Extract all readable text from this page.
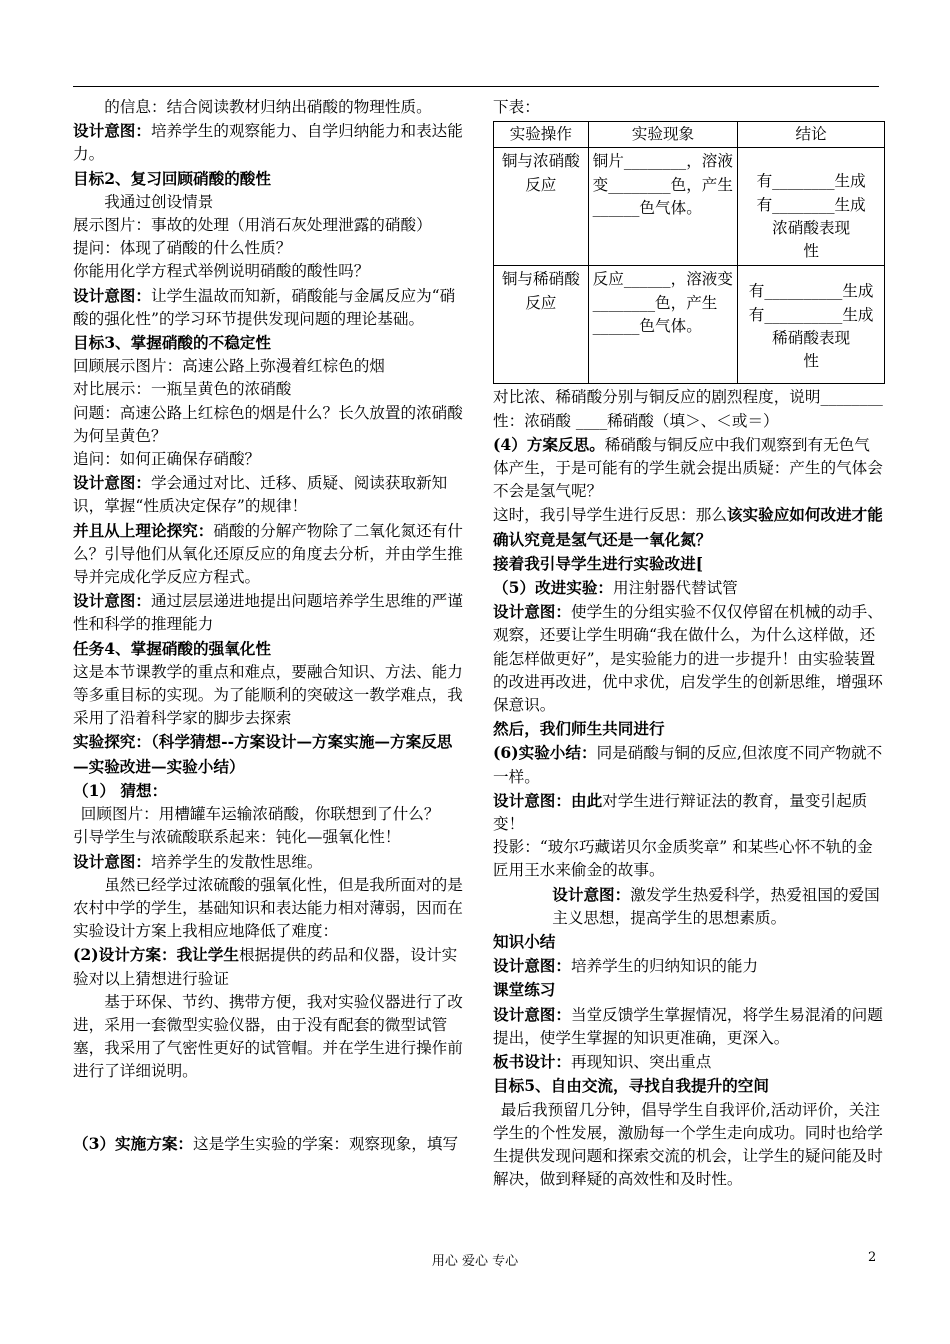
的信息：结合阅读教材归纳出硝酸的物理性质。

设计意图：培养学生的观察能力、自学归纳能力和表达能力。

目标2、复习回顾硝酸的酸性

我通过创设情景

展示图片：事故的处理（用消石灰处理泄露的硝酸）

提问：体现了硝酸的什么性质？

你能用化学方程式举例说明硝酸的酸性吗？

设计意图：让学生温故而知新，硝酸能与金属反应为“硝酸的强化性”的学习环节提供发现问题的理论基础。

目标3、掌握硝酸的不稳定性

回顾展示图片：高速公路上弥漫着红棕色的烟

对比展示：一瓶呈黄色的浓硝酸

问题：高速公路上红棕色的烟是什么？长久放置的浓硝酸为何呈黄色？

追问：如何正确保存硝酸？

设计意图：学会通过对比、迁移、质疑、阅读获取新知识，掌握“性质决定保存”的规律！

并且从上理论探究：硝酸的分解产物除了二氧化氮还有什么？引导他们从氧化还原反应的角度去分析，并由学生推导并完成化学反应方程式。

设计意图：通过层层递进地提出问题培养学生思维的严谨性和科学的推理能力

任务4、掌握硝酸的强氧化性

这是本节课教学的重点和难点，要融合知识、方法、能力等多重目标的实现。为了能顺利的突破这一教学难点，我采用了沿着科学家的脚步去探索

实验探究：（科学猜想--方案设计—方案实施—方案反思—实验改进—实验小结）

（1） 猜想：

回顾图片：用槽罐车运输浓硝酸，你联想到了什么？

引导学生与浓硫酸联系起来：钝化—强氧化性！

设计意图：培养学生的发散性思维。

虽然已经学过浓硫酸的强氧化性，但是我所面对的是农村中学的学生，基础知识和表达能力相对薄弱，因而在实验设计方案上我相应地降低了难度：

(2)设计方案：我让学生根据提供的药品和仪器，设计实验对以上猜想进行验证

基于环保、节约、携带方便，我对实验仪器进行了改进，采用一套微型实验仪器，由于没有配套的微型试管塞，我采用了气密性更好的试管帽。并在学生进行操作前进行了详细说明。

（3）实施方案：这是学生实验的学案：观察现象，填写

下表：

实验操作	实验现象	结论
铜与浓硝酸反应	铜片________，溶液变________色，产生______色气体。	有________生成
有________生成
浓硝酸表现
性

铜与稀硝酸反应	反应______，溶液变________色，产生______色气体。	有__________生成
有__________生成
稀硝酸表现
性

对比浓、稀硝酸分别与铜反应的剧烈程度，说明________性：浓硝酸 ____稀硝酸（填＞、＜或＝）

(4）方案反思。稀硝酸与铜反应中我们观察到有无色气体产生，于是可能有的学生就会提出质疑：产生的气体会不会是氢气呢？

这时，我引导学生进行反思：那么该实验应如何改进才能确认究竟是氢气还是一氧化氮？

接着我引导学生进行实验改进[

（5）改进实验：用注射器代替试管

设计意图：使学生的分组实验不仅仅停留在机械的动手、观察，还要让学生明确“我在做什么，为什么这样做，还能怎样做更好”，是实验能力的进一步提升！由实验装置的改进再改进，优中求优，启发学生的创新思维，增强环保意识。

然后，我们师生共同进行

(6)实验小结：同是硝酸与铜的反应,但浓度不同产物就不一样。

设计意图：由此对学生进行辩证法的教育，量变引起质变！

投影：“玻尔巧藏诺贝尔金质奖章” 和某些心怀不轨的金匠用王水来偷金的故事。

设计意图：激发学生热爱科学，热爱祖国的爱国主义思想，提高学生的思想素质。

知识小结

设计意图：培养学生的归纳知识的能力

课堂练习

设计意图：当堂反馈学生掌握情况，将学生易混淆的问题提出，使学生掌握的知识更准确，更深入。

板书设计：再现知识、突出重点

目标5、自由交流，寻找自我提升的空间

最后我预留几分钟，倡导学生自我评价,活动评价，关注学生的个性发展，激励每一个学生走向成功。同时也给学生提供发现问题和探索交流的机会，让学生的疑问能及时解决，做到释疑的高效性和及时性。

用心 爱心 专心	2
